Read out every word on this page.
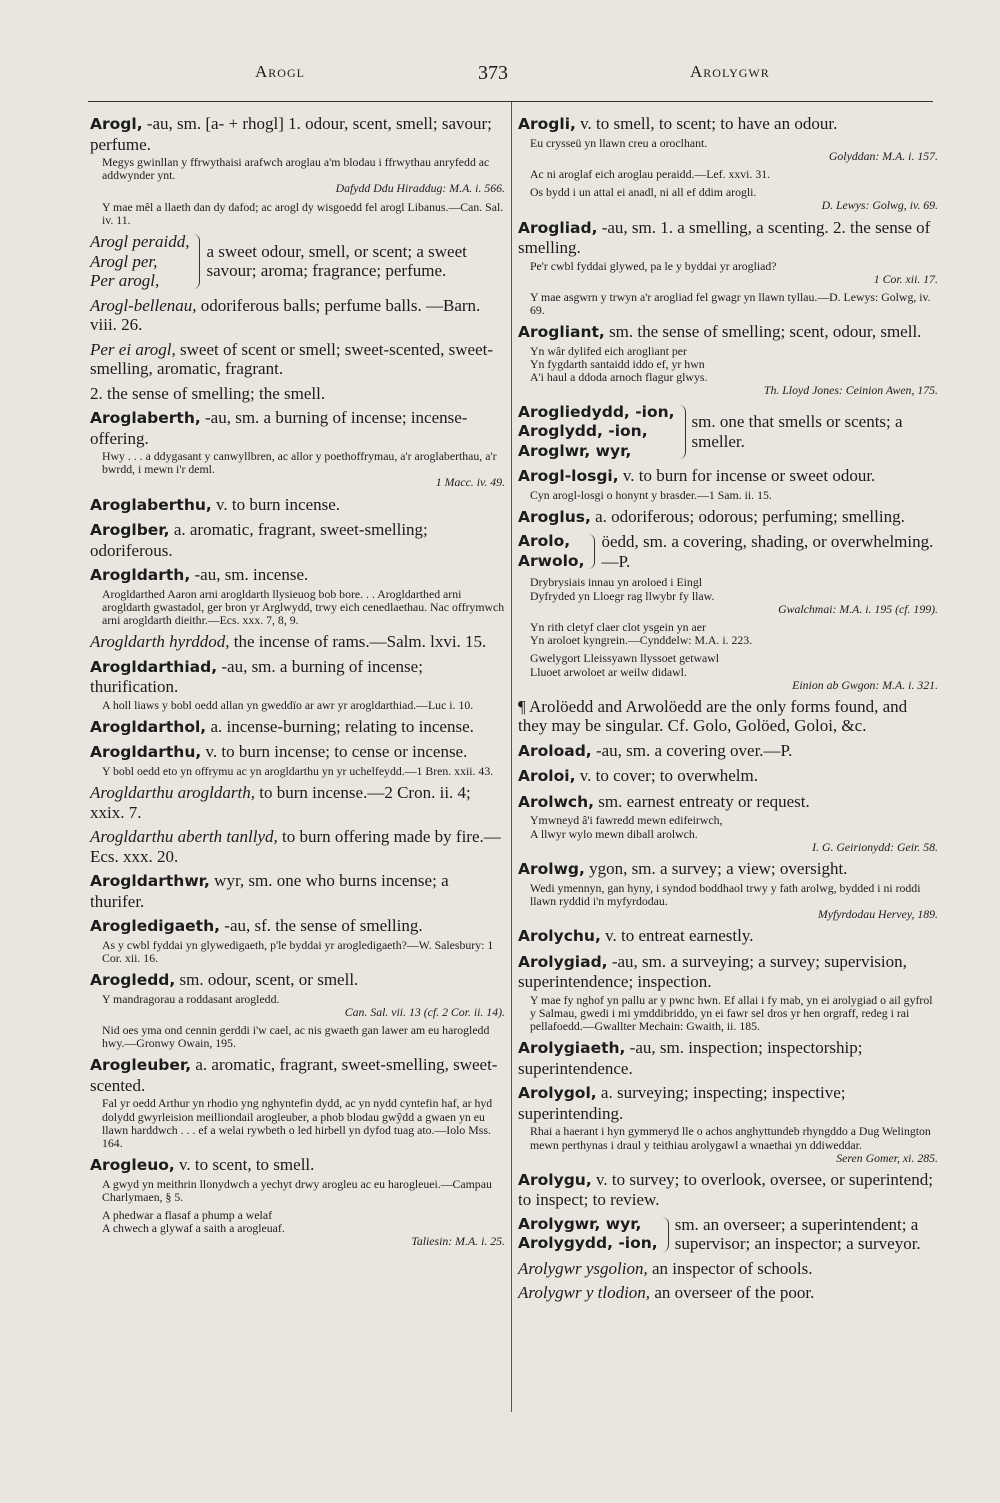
Arogl	373	Arolygwr
Arogl, -au, sm. [a- + rhogl] 1. odour, scent, smell; savour; perfume.
Megys gwinllan y ffrwythaisi arafwch aroglau a'm blodau i ffrwythau anryfedd ac addwynder ynt.
Dafydd Ddu Hiraddug: M.A. i. 566.
Y mae mêl a llaeth dan dy dafod; ac arogl dy wisgoedd fel arogl Libanus.—Can. Sal. iv. 11.
Arogl peraidd,
Arogl per,
Per arogl,
a sweet odour, smell, or scent; a sweet savour; aroma; fragrance; perfume.
Arogl-bellenau, odoriferous balls; perfume balls. —Barn. viii. 26.
Per ei arogl, sweet of scent or smell; sweet-scented, sweet-smelling, aromatic, fragrant.
2. the sense of smelling; the smell.
Aroglaberth, -au, sm. a burning of incense; incense-offering.
Hwy . . . a ddygasant y canwyllbren, ac allor y poethoffrymau, a'r aroglaberthau, a'r bwrdd, i mewn i'r deml.
1 Macc. iv. 49.
Aroglaberthu, v. to burn incense.
Aroglber, a. aromatic, fragrant, sweet-smelling; odoriferous.
Arogldarth, -au, sm. incense.
Arogldarthed Aaron arni arogldarth llysieuog bob bore. . . Arogldarthed arni arogldarth gwastadol, ger bron yr Arglwydd, trwy eich cenedlaethau. Nac offrymwch arni arogldarth dieithr.—Ecs. xxx. 7, 8, 9.
Arogldarth hyrddod, the incense of rams.—Salm. lxvi. 15.
Arogldarthiad, -au, sm. a burning of incense; thurification.
A holl liaws y bobl oedd allan yn gweddïo ar awr yr arogldarthiad.—Luc i. 10.
Arogldarthol, a. incense-burning; relating to incense.
Arogldarthu, v. to burn incense; to cense or incense.
Y bobl oedd eto yn offrymu ac yn arogldarthu yn yr uchelfeydd.—1 Bren. xxii. 43.
Arogldarthu arogldarth, to burn incense.—2 Cron. ii. 4; xxix. 7.
Arogldarthu aberth tanllyd, to burn offering made by fire.—Ecs. xxx. 20.
Arogldarthwr, wyr, sm. one who burns incense; a thurifer.
Arogledigaeth, -au, sf. the sense of smelling.
As y cwbl fyddai yn glywedigaeth, p'le byddai yr arogledigaeth?—W. Salesbury: 1 Cor. xii. 16.
Arogledd, sm. odour, scent, or smell.
Y mandragorau a roddasant arogledd.
Can. Sal. vii. 13 (cf. 2 Cor. ii. 14).
Nid oes yma ond cennin gerddi i'w cael, ac nis gwaeth gan lawer am eu harogledd hwy.—Gronwy Owain, 195.
Arogleuber, a. aromatic, fragrant, sweet-smelling, sweet-scented.
Fal yr oedd Arthur yn rhodio yng nghyntefin dydd, ac yn nydd cyntefin haf, ar hyd dolydd gwyrleision meilliondail arogleuber, a phob blodau gwŷdd a gwaen yn eu llawn harddwch . . . ef a welai rywbeth o led hirbell yn dyfod tuag ato.—Iolo Mss. 164.
Arogleuo, v. to scent, to smell.
A gwyd yn meithrin llonydwch a yechyt drwy arogleu ac eu harogleuei.—Campau Charlymaen, § 5.
A phedwar a flasaf a phump a welaf
A chwech a glywaf a saith a arogleuaf.
Taliesin: M.A. i. 25.
Arogli, v. to smell, to scent; to have an odour.
Eu crysseü yn llawn creu a oroclhant.
Golyddan: M.A. i. 157.
Ac ni aroglaf eich aroglau peraidd.—Lef. xxvi. 31.
Os bydd i un attal ei anadl, ni all ef ddim arogli.
D. Lewys: Golwg, iv. 69.
Arogliad, -au, sm. 1. a smelling, a scenting. 2. the sense of smelling.
Pe'r cwbl fyddai glywed, pa le y byddai yr arogliad?
1 Cor. xii. 17.
Y mae asgwrn y trwyn a'r arogliad fel gwagr yn llawn tyllau.—D. Lewys: Golwg, iv. 69.
Arogliant, sm. the sense of smelling; scent, odour, smell.
Yn wâr dylifed eich arogliant per
Yn fygdarth santaidd iddo ef, yr hwn
A'i haul a ddoda arnoch flagur glwys.
Th. Lloyd Jones: Ceinion Awen, 175.
Arogliedydd, -ion,
Aroglydd, -ion,
Aroglwr, wyr,
sm. one that smells or scents; a smeller.
Arogl-losgi, v. to burn for incense or sweet odour.
Cyn arogl-losgi o honynt y brasder.—1 Sam. ii. 15.
Aroglus, a. odoriferous; odorous; perfuming; smelling.
Arolo,
Arwolo,
öedd, sm. a covering, shading, or overwhelming.—P.
Drybrysiais innau yn aroloed i Eingl
Dyfryded yn Lloegr rag llwybr fy llaw.
Gwalchmai: M.A. i. 195 (cf. 199).
Yn rith cletyf claer clot ysgein yn aer
Yn aroloet kyngrein.—Cynddelw: M.A. i. 223.
Gwelygort Lleissyawn llyssoet getwawl
Lluoet arwoloet ar weilw didawl.
Einion ab Gwgon: M.A. i. 321.
¶ Arolöedd and Arwolöedd are the only forms found, and they may be singular. Cf. Golo, Golöed, Goloi, &c.
Aroload, -au, sm. a covering over.—P.
Aroloi, v. to cover; to overwhelm.
Arolwch, sm. earnest entreaty or request.
Ymwneyd â'i fawredd mewn edifeirwch,
A llwyr wylo mewn diball arolwch.
I. G. Geirionydd: Geir. 58.
Arolwg, ygon, sm. a survey; a view; oversight.
Wedi ymennyn, gan hyny, i syndod boddhaol trwy y fath arolwg, bydded i ni roddi llawn ryddid i'n myfyrdodau.
Myfyrdodau Hervey, 189.
Arolychu, v. to entreat earnestly.
Arolygiad, -au, sm. a surveying; a survey; supervision, superintendence; inspection.
Y mae fy nghof yn pallu ar y pwnc hwn. Ef allai i fy mab, yn ei arolygiad o ail gyfrol y Salmau, gwedi i mi ymddibriddo, yn ei fawr sel dros yr hen orgraff, redeg i rai pellafoedd.—Gwallter Mechain: Gwaith, ii. 185.
Arolygiaeth, -au, sm. inspection; inspectorship; superintendence.
Arolygol, a. surveying; inspecting; inspective; superintending.
Rhai a haerant i hyn gymmeryd lle o achos anghyttundeb rhyngddo a Dug Welington mewn perthynas i draul y teithiau arolygawl a wnaethai yn ddiweddar.
Seren Gomer, xi. 285.
Arolygu, v. to survey; to overlook, oversee, or superintend; to inspect; to review.
Arolygwr, wyr,
Arolygydd, -ion,
sm. an overseer; a superintendent; a supervisor; an inspector; a surveyor.
Arolygwr ysgolion, an inspector of schools.
Arolygwr y tlodion, an overseer of the poor.
